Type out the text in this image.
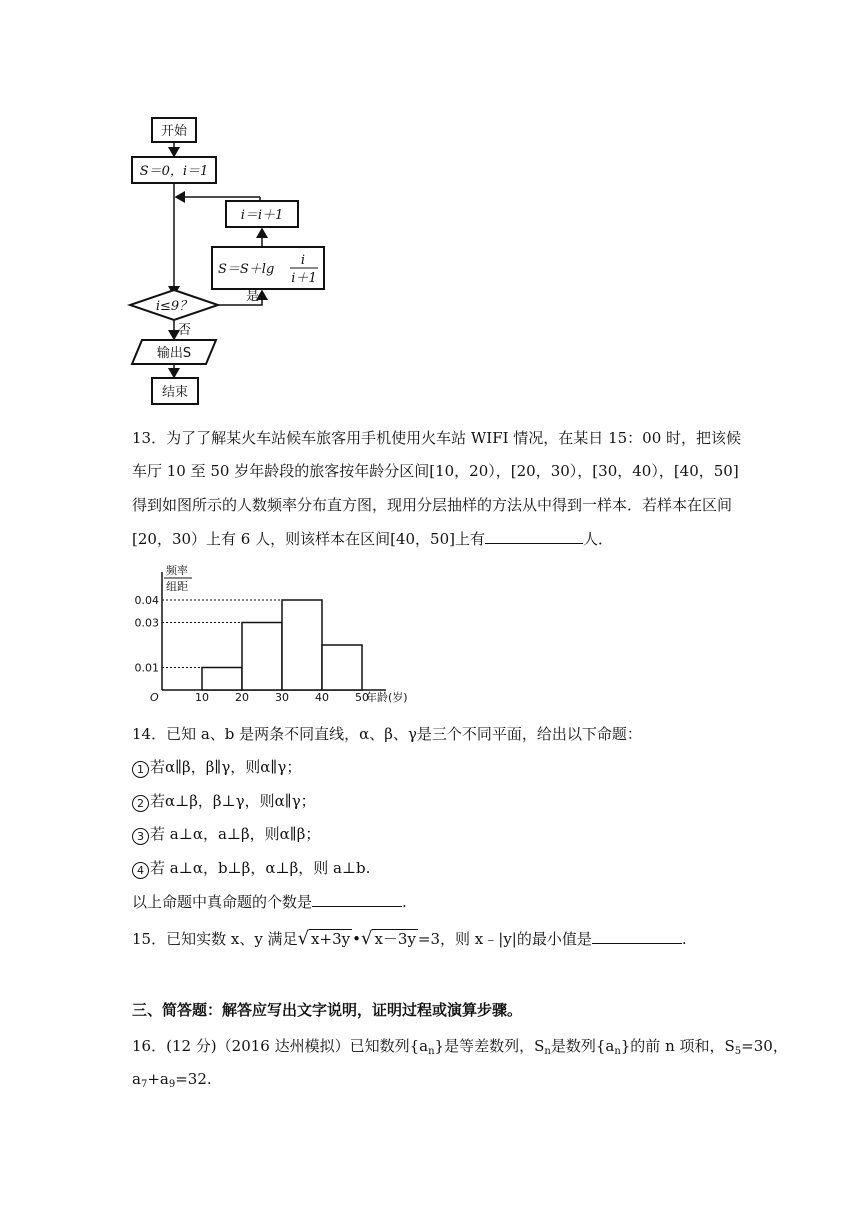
开始
S＝0，i＝1
i＝i＋1
S＝S＋lg
i
i＋1
是
i≤9？
否
输出S
结束
13．为了了解某火车站候车旅客用手机使用火车站 WIFI 情况，在某日 15：00 时，把该候
车厅 10 至 50 岁年龄段的旅客按年龄分区间[10，20），[20，30），[30，40），[40，50]
得到如图所示的人数频率分布直方图，现用分层抽样的方法从中得到一样本．若样本在区间
[20，30）上有 6 人，则该样本在区间[40，50]上有	人．
频率
组距
0.01
0.03
0.04
10 20 30 40 50
O	年龄(岁)
14．已知 a、b 是两条不同直线，α、β、γ是三个不同平面，给出以下命题：
1 若α∥β，β∥γ，则α∥γ；
2 若α⊥β，β⊥γ，则α∥γ；
3 若 a⊥α，a⊥β，则α∥β；
4 若 a⊥α，b⊥β，α⊥β，则 a⊥b.
以上命题中真命题的个数是	.
15．已知实数 x、y 满足√ x+3y •√ x－3y =3，则 x﹣|y|的最小值是	.
三、简答题：解答应写出文字说明，证明过程或演算步骤。
16．(12 分)（2016 达州模拟）已知数列$\{a_n\}$是等差数列，$S_n$是数列$\{a_n\}$的前 n 项和，$S_5=30$，
$a_7+a_9=32$.
